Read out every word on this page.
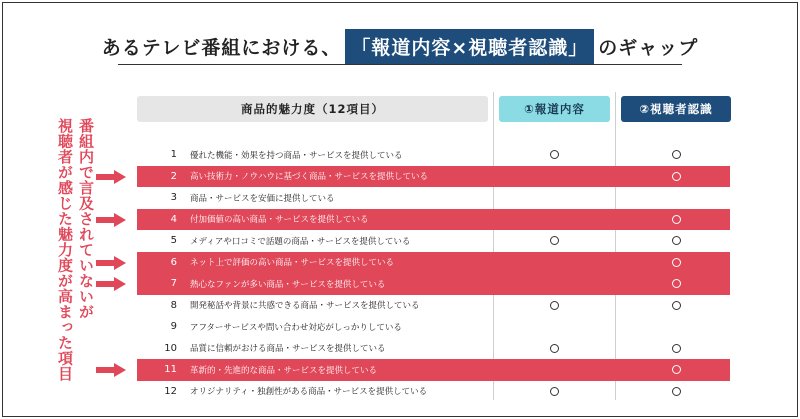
あるテレビ番組における、 「報道内容×視聴者認識」 のギャップ
番組内で言及されていないが
視聴者が感じた魅力度が高まった項目
商品的魅力度（12項目）	①報道内容	②視聴者認識
1 優れた機能・効果を持つ商品・サービスを提供している
2 高い技術力・ノウハウに基づく商品・サービスを提供している
3 商品・サービスを安価に提供している
4 付加価値の高い商品・サービスを提供している
5 メディアや口コミで話題の商品・サービスを提供している
6 ネット上で評価の高い商品・サービスを提供している
7 熱心なファンが多い商品・サービスを提供している
8 開発秘話や背景に共感できる商品・サービスを提供している
9 アフターサービスや問い合わせ対応がしっかりしている
10 品質に信頼がおける商品・サービスを提供している
11 革新的・先進的な商品・サービスを提供している
12 オリジナリティ・独創性がある商品・サービスを提供している
